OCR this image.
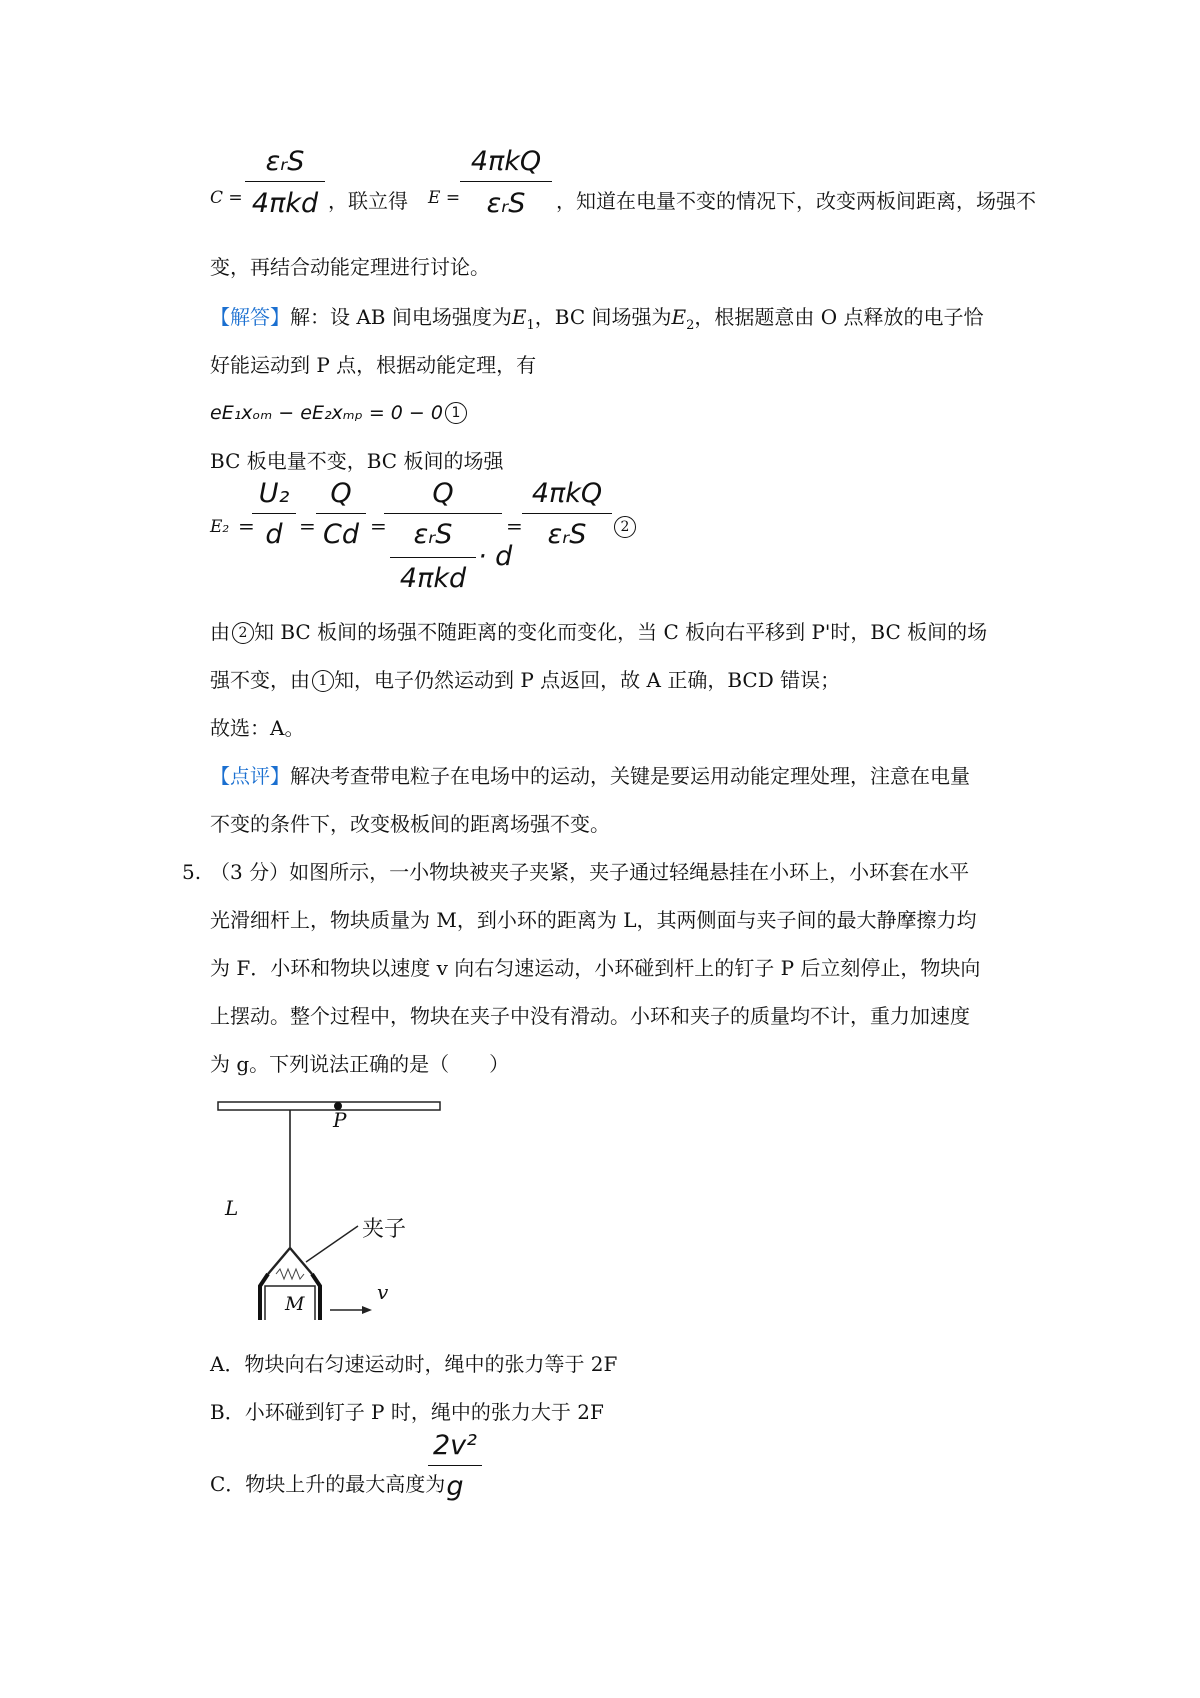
C =
εᵣS
4πkd ，联立得 E =
4πkQ
εᵣS	，知道在电量不变的情况下，改变两板间距离，场强不
变，再结合动能定理进行讨论。
【解答】解：设 AB 间电场强度为$E_1$，BC 间场强为$E_2$，根据题意由 O 点释放的电子恰
好能运动到 P 点，根据动能定理，有
eE₁xₒₘ − eE₂xₘₚ = 0 − 0 1
BC 板电量不变，BC 板间的场强
E₂ =
U₂
d =
Q
Cd =
Q
εᵣS
4πkd
· d
=
4πkQ
εᵣS	2
由 2 知 BC 板间的场强不随距离的变化而变化，当 C 板向右平移到 P'时，BC 板间的场
强不变，由 1 知，电子仍然运动到 P 点返回，故 A 正确，BCD 错误；
故选：A。
【点评】解决考查带电粒子在电场中的运动，关键是要运用动能定理处理，注意在电量
不变的条件下，改变极板间的距离场强不变。
5. （3 分）如图所示，一小物块被夹子夹紧，夹子通过轻绳悬挂在小环上，小环套在水平
光滑细杆上，物块质量为 M，到小环的距离为 L，其两侧面与夹子间的最大静摩擦力均
为 F．小环和物块以速度 v 向右匀速运动，小环碰到杆上的钉子 P 后立刻停止，物块向
上摆动。整个过程中，物块在夹子中没有滑动。小环和夹子的质量均不计，重力加速度
为 g。下列说法正确的是（　　）
P
L
夹子
M	v
A．物块向右匀速运动时，绳中的张力等于 2F
B．小环碰到钉子 P 时，绳中的张力大于 2F
C．物块上升的最大高度为
2v²
g
